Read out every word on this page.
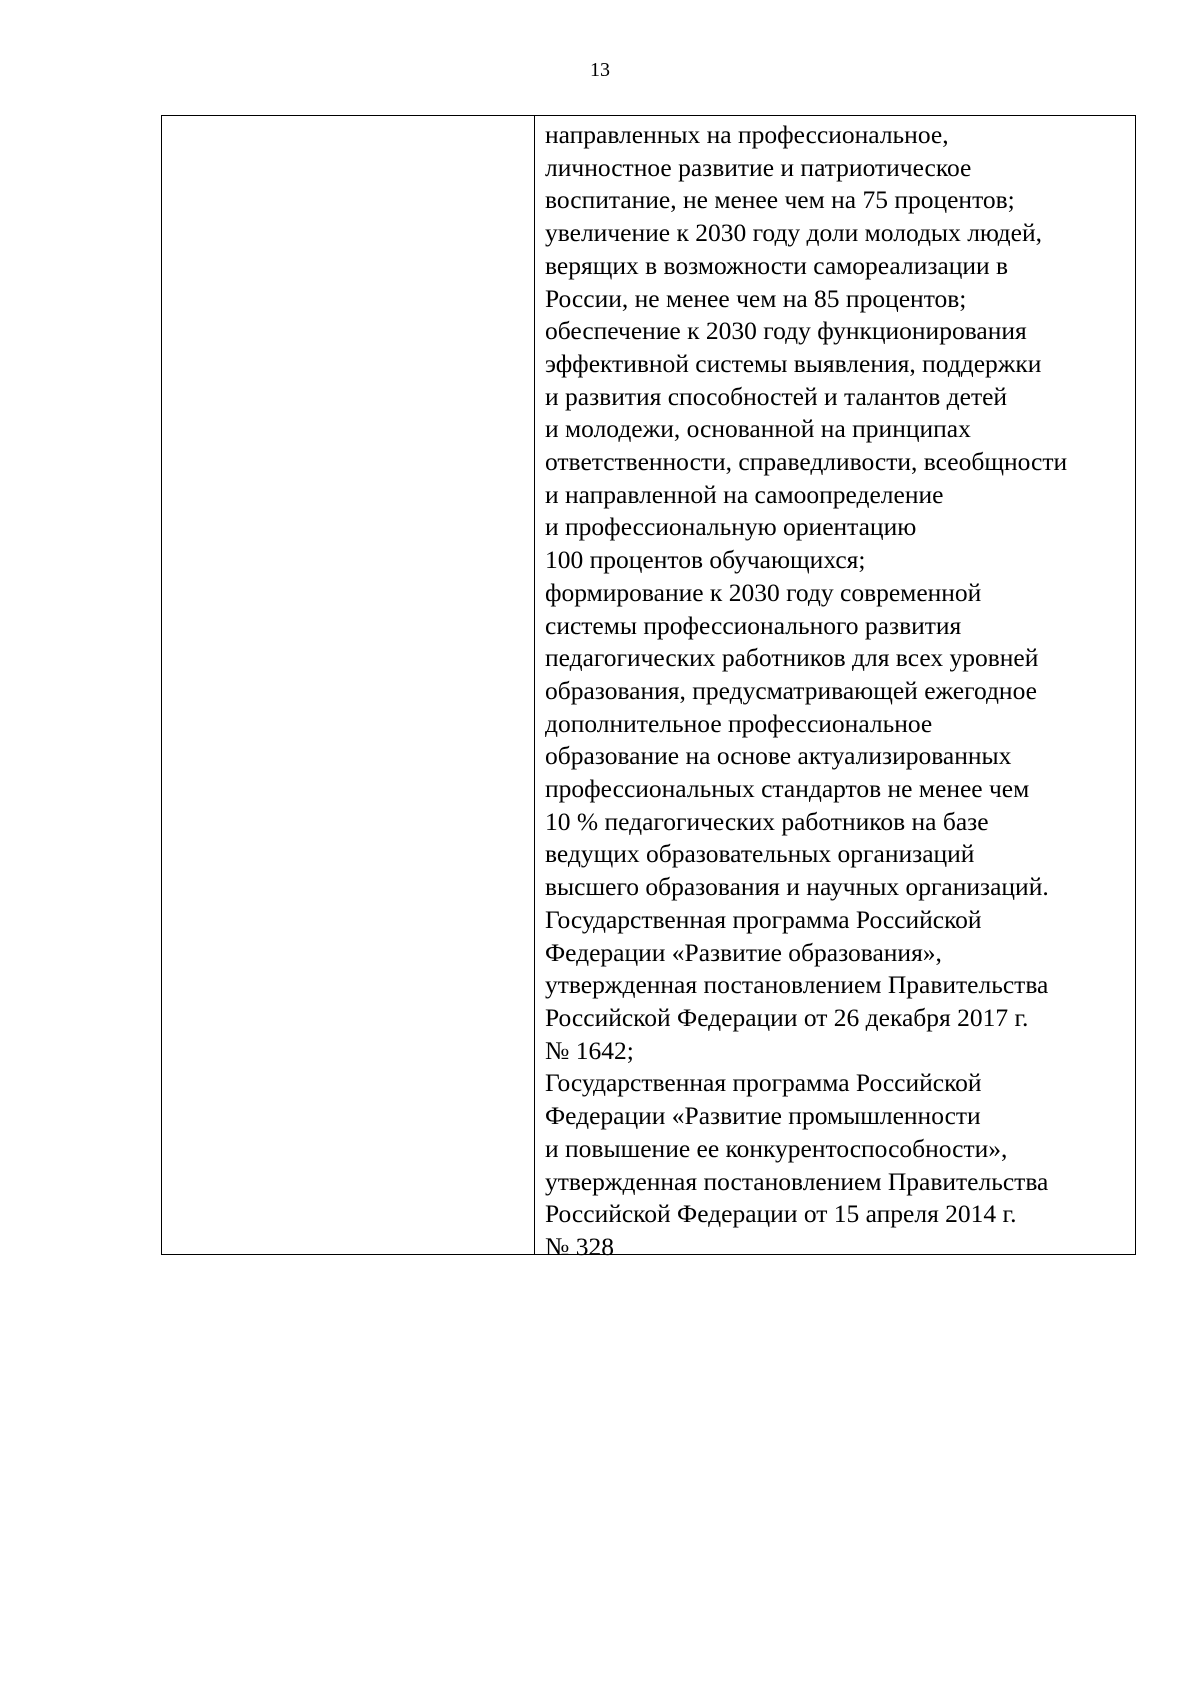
13
направленных на профессиональное,
личностное развитие и патриотическое
воспитание, не менее чем на 75 процентов;
увеличение к 2030 году доли молодых людей,
верящих в возможности самореализации в
России, не менее чем на 85 процентов;
обеспечение к 2030 году функционирования
эффективной системы выявления, поддержки
и развития способностей и талантов детей
и молодежи, основанной на принципах
ответственности, справедливости, всеобщности
и направленной на самоопределение
и профессиональную ориентацию
100 процентов обучающихся;
формирование к 2030 году современной
системы профессионального развития
педагогических работников для всех уровней
образования, предусматривающей ежегодное
дополнительное профессиональное
образование на основе актуализированных
профессиональных стандартов не менее чем
10 % педагогических работников на базе
ведущих образовательных организаций
высшего образования и научных организаций.
Государственная программа Российской
Федерации «Развитие образования»,
утвержденная постановлением Правительства
Российской Федерации от 26 декабря 2017 г.
№ 1642;
Государственная программа Российской
Федерации «Развитие промышленности
и повышение ее конкурентоспособности»,
утвержденная постановлением Правительства
Российской Федерации от 15 апреля 2014 г.
№ 328
